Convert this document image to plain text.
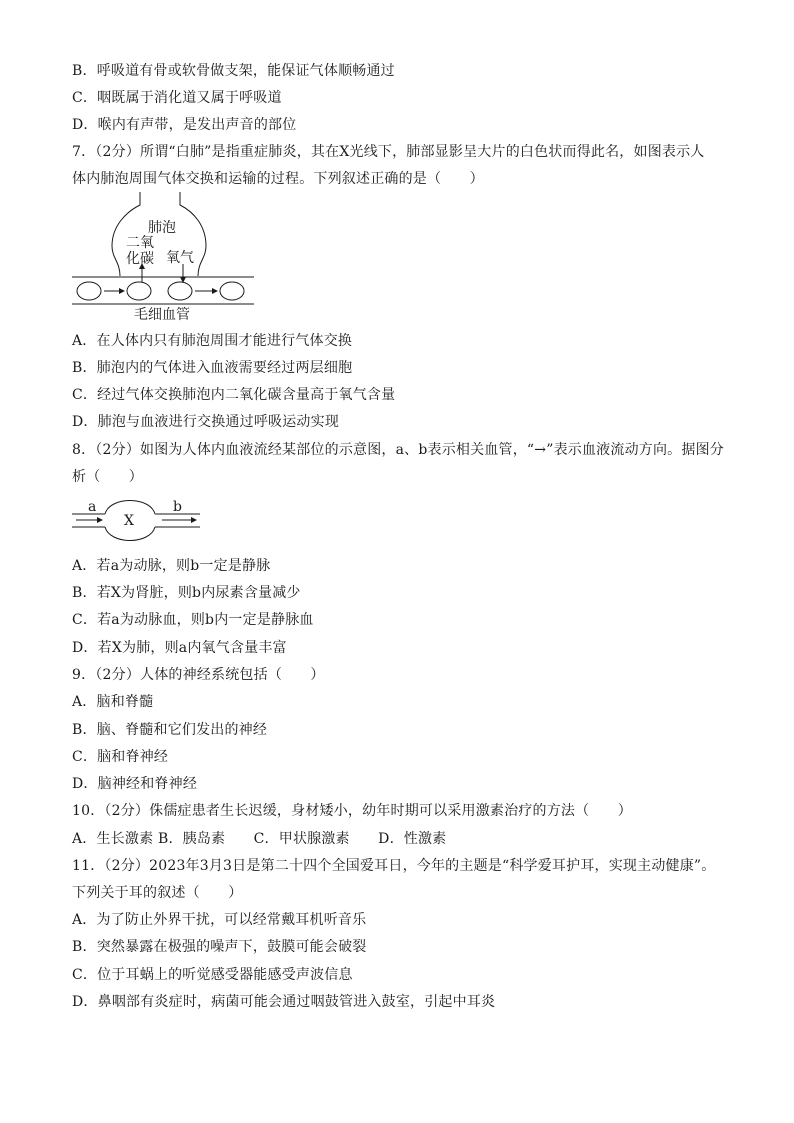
B．呼吸道有骨或软骨做支架，能保证气体顺畅通过
C．咽既属于消化道又属于呼吸道
D．喉内有声带，是发出声音的部位
7．（2分）所谓“白肺”是指重症肺炎，其在X光线下，肺部显影呈大片的白色状而得此名，如图表示人
体内肺泡周围气体交换和运输的过程。下列叙述正确的是（　　）
肺泡
二氧
化碳 氧气
毛细血管
a
X
b
A．在人体内只有肺泡周围才能进行气体交换
B．肺泡内的气体进入血液需要经过两层细胞
C．经过气体交换肺泡内二氧化碳含量高于氧气含量
D．肺泡与血液进行交换通过呼吸运动实现
8．（2分）如图为人体内血液流经某部位的示意图，a、b表示相关血管，“→”表示血液流动方向。据图分
析（　　）
A．若a为动脉，则b一定是静脉
B．若X为肾脏，则b内尿素含量减少
C．若a为动脉血，则b内一定是静脉血
D．若X为肺，则a内氧气含量丰富
9．（2分）人体的神经系统包括（　　）
A．脑和脊髓
B．脑、脊髓和它们发出的神经
C．脑和脊神经
D．脑神经和脊神经
10．（2分）侏儒症患者生长迟缓，身材矮小，幼年时期可以采用激素治疗的方法（　　）
A．生长激素 B．胰岛素　　C．甲状腺激素　　D．性激素
11．（2分）2023年3月3日是第二十四个全国爱耳日，今年的主题是“科学爱耳护耳，实现主动健康”。
下列关于耳的叙述（　　）
A．为了防止外界干扰，可以经常戴耳机听音乐
B．突然暴露在极强的噪声下，鼓膜可能会破裂
C．位于耳蜗上的听觉感受器能感受声波信息
D．鼻咽部有炎症时，病菌可能会通过咽鼓管进入鼓室，引起中耳炎
